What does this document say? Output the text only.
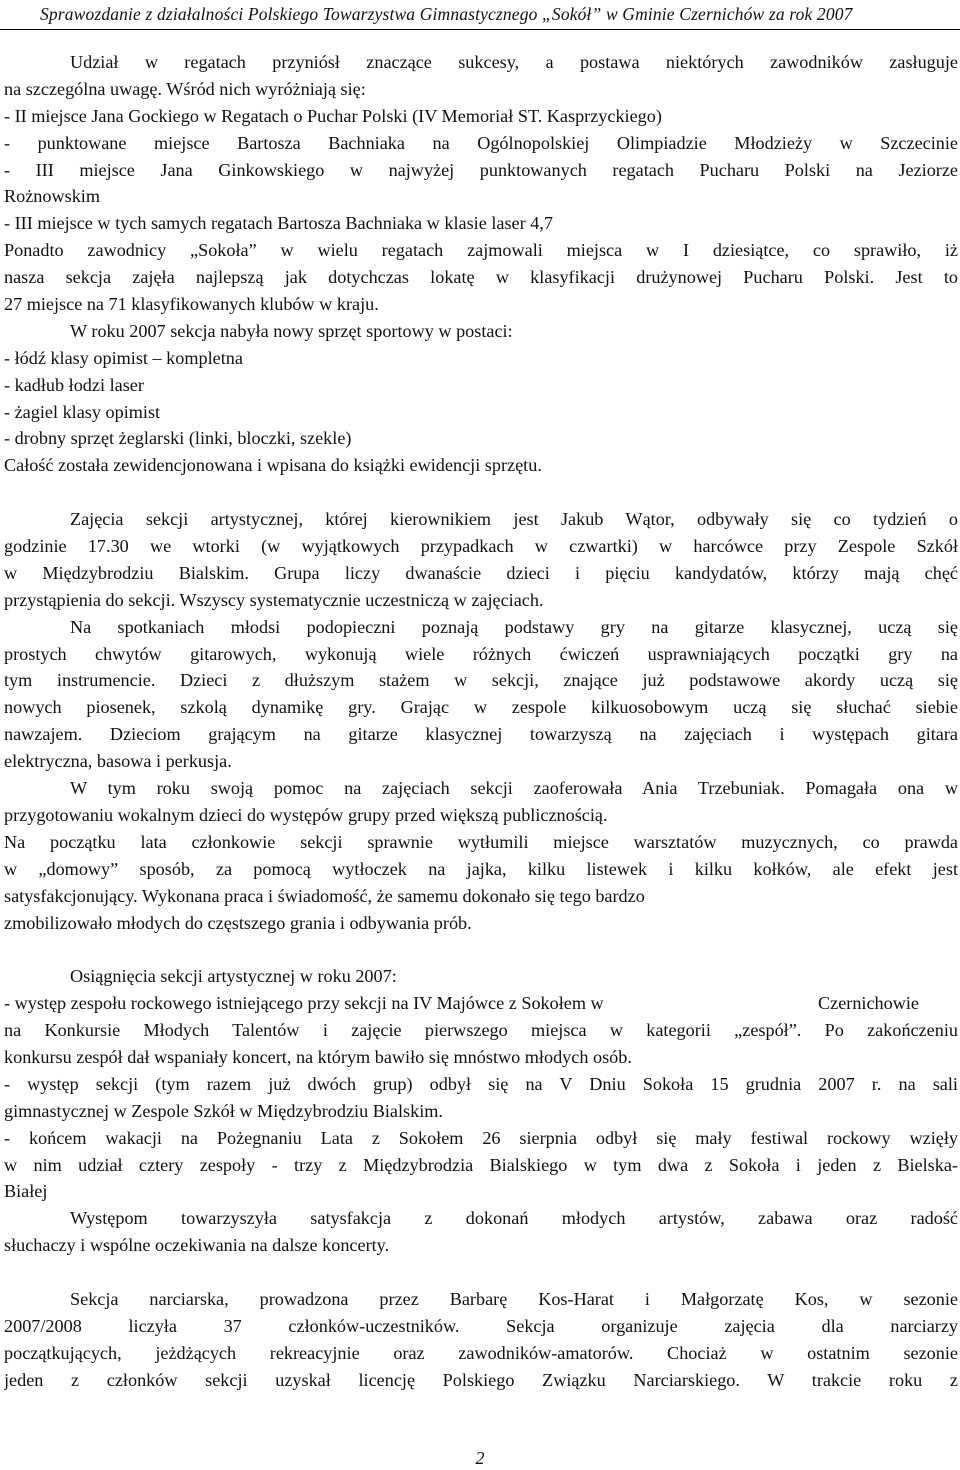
Sprawozdanie z działalności Polskiego Towarzystwa Gimnastycznego „Sokół” w Gminie Czernichów za rok 2007
Udział w regatach przyniósł znaczące sukcesy, a postawa niektórych zawodników zasługuje
na szczególna uwagę. Wśród nich wyróżniają się:
- II miejsce Jana Gockiego w Regatach o Puchar Polski (IV Memoriał ST. Kasprzyckiego)
- punktowane miejsce Bartosza Bachniaka na Ogólnopolskiej Olimpiadzie Młodzieży w Szczecinie
- III miejsce Jana Ginkowskiego w najwyżej punktowanych regatach Pucharu Polski na Jeziorze
Rożnowskim
- III miejsce w tych samych regatach Bartosza Bachniaka w klasie laser 4,7
Ponadto zawodnicy „Sokoła” w wielu regatach zajmowali miejsca w I dziesiątce, co sprawiło, iż
nasza sekcja zajęła najlepszą jak dotychczas lokatę w klasyfikacji drużynowej Pucharu Polski. Jest to
27 miejsce na 71 klasyfikowanych klubów w kraju.
W roku 2007 sekcja nabyła nowy sprzęt sportowy w postaci:
- łódź klasy opimist – kompletna
- kadłub łodzi laser
- żagiel klasy opimist
- drobny sprzęt żeglarski (linki, bloczki, szekle)
Całość została zewidencjonowana i wpisana do książki ewidencji sprzętu.
Zajęcia sekcji artystycznej, której kierownikiem jest Jakub Wątor, odbywały się co tydzień o
godzinie 17.30 we wtorki (w wyjątkowych przypadkach w czwartki) w harcówce przy Zespole Szkół
w Międzybrodziu Bialskim. Grupa liczy dwanaście dzieci i pięciu kandydatów, którzy mają chęć
przystąpienia do sekcji. Wszyscy systematycznie uczestniczą w zajęciach.
Na spotkaniach młodsi podopieczni poznają podstawy gry na gitarze klasycznej, uczą się
prostych chwytów gitarowych, wykonują wiele różnych ćwiczeń usprawniających początki gry na
tym instrumencie. Dzieci z dłuższym stażem w sekcji, znające już podstawowe akordy uczą się
nowych piosenek, szkolą dynamikę gry. Grając w zespole kilkuosobowym uczą się słuchać siebie
nawzajem. Dzieciom grającym na gitarze klasycznej towarzyszą na zajęciach i występach gitara
elektryczna, basowa i perkusja.
W tym roku swoją pomoc na zajęciach sekcji zaoferowała Ania Trzebuniak. Pomagała ona w
przygotowaniu wokalnym dzieci do występów grupy przed większą publicznością.
Na początku lata członkowie sekcji sprawnie wytłumili miejsce warsztatów muzycznych, co prawda
w „domowy” sposób, za pomocą wytłoczek na jajka, kilku listewek i kilku kołków, ale efekt jest
satysfakcjonujący. Wykonana praca i świadomość, że samemu dokonało się tego bardzo
zmobilizowało młodych do częstszego grania i odbywania prób.
Osiągnięcia sekcji artystycznej w roku 2007:
- występ zespołu rockowego istniejącego przy sekcji na IV Majówce z Sokołem w	Czernichowie
na Konkursie Młodych Talentów i zajęcie pierwszego miejsca w kategorii „zespół”. Po zakończeniu
konkursu zespół dał wspaniały koncert, na którym bawiło się mnóstwo młodych osób.
- występ sekcji (tym razem już dwóch grup) odbył się na V Dniu Sokoła 15 grudnia 2007 r. na sali
gimnastycznej w Zespole Szkół w Międzybrodziu Bialskim.
- końcem wakacji na Pożegnaniu Lata z Sokołem 26 sierpnia odbył się mały festiwal rockowy wzięły
w nim udział cztery zespoły - trzy z Międzybrodzia Bialskiego w tym dwa z Sokoła i jeden z Bielska-
Białej
Występom towarzyszyła satysfakcja z dokonań młodych artystów, zabawa oraz radość
słuchaczy i wspólne oczekiwania na dalsze koncerty.
Sekcja narciarska, prowadzona przez Barbarę Kos-Harat i Małgorzatę Kos, w sezonie
2007/2008 liczyła 37 członków-uczestników. Sekcja organizuje zajęcia dla narciarzy
początkujących, jeżdżących rekreacyjnie oraz zawodników-amatorów. Chociaż w ostatnim sezonie
jeden z członków sekcji uzyskał licencję Polskiego Związku Narciarskiego. W trakcie roku z
2
